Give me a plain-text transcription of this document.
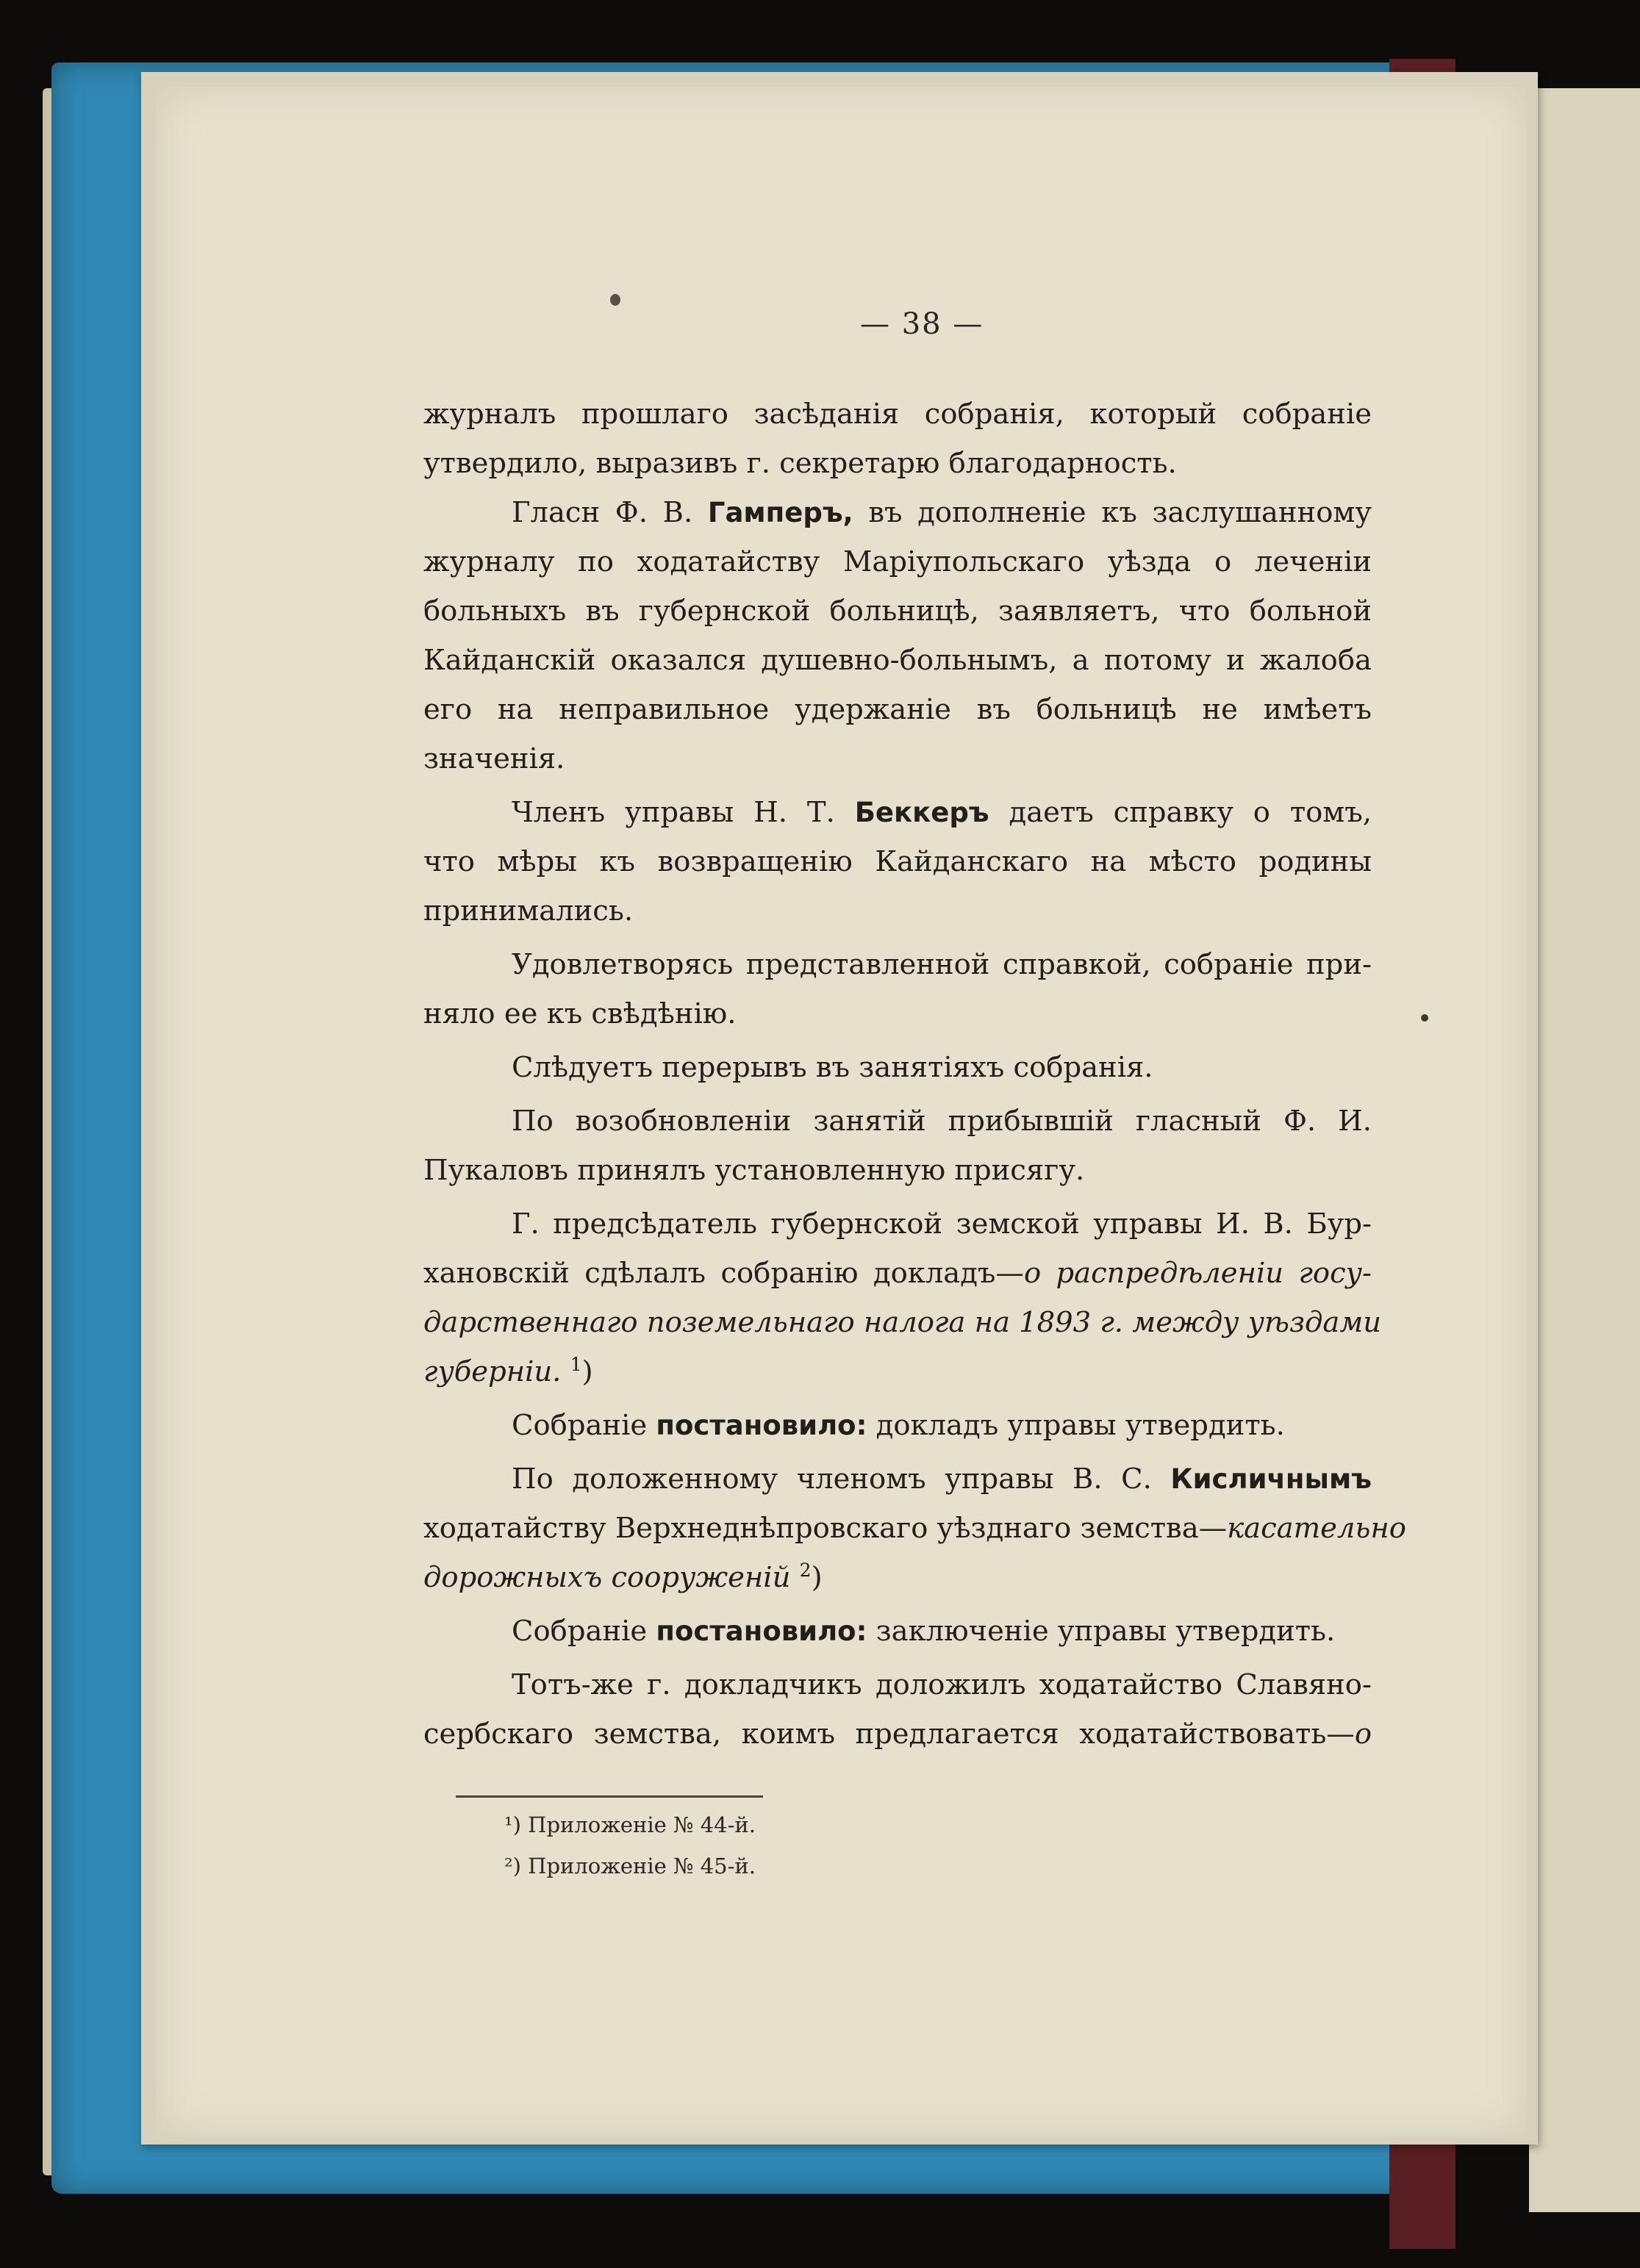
— 38 —
журналъ прошлаго засѣданія собранія, который собраніе
утвердило, выразивъ г. секретарю благодарность.
Гласн Ф. В. Гамперъ, въ дополненіе къ заслушанному
журналу по ходатайству Маріупольскаго уѣзда о леченіи
больныхъ въ губернской больницѣ, заявляетъ, что больной
Кайданскій оказался душевно-больнымъ, а потому и жалоба
его на неправильное удержаніе въ больницѣ не имѣетъ
значенія.
Членъ управы Н. Т. Беккеръ даетъ справку о томъ,
что мѣры къ возвращенію Кайданскаго на мѣсто родины
принимались.
Удовлетворясь представленной справкой, собраніе при-
няло ее къ свѣдѣнію.
Слѣдуетъ перерывъ въ занятіяхъ собранія.
По возобновленіи занятій прибывшій гласный Ф. И.
Пукаловъ принялъ установленную присягу.
Г. предсѣдатель губернской земской управы И. В. Бур-
хановскій сдѣлалъ собранію докладъ—о распредѣленіи госу-
дарственнаго поземельнаго налога на 1893 г. между уѣздами
губерніи. $^1$)
Собраніе постановило: докладъ управы утвердить.
По доложенному членомъ управы В. С. Кисличнымъ
ходатайству Верхнеднѣпровскаго уѣзднаго земства—касательно
дорожныхъ сооруженій $^2$)
Собраніе постановило: заключеніе управы утвердить.
Тотъ-же г. докладчикъ доложилъ ходатайство Славяно-
сербскаго земства, коимъ предлагается ходатайствовать—о
¹) Приложеніе № 44-й.
²) Приложеніе № 45-й.
